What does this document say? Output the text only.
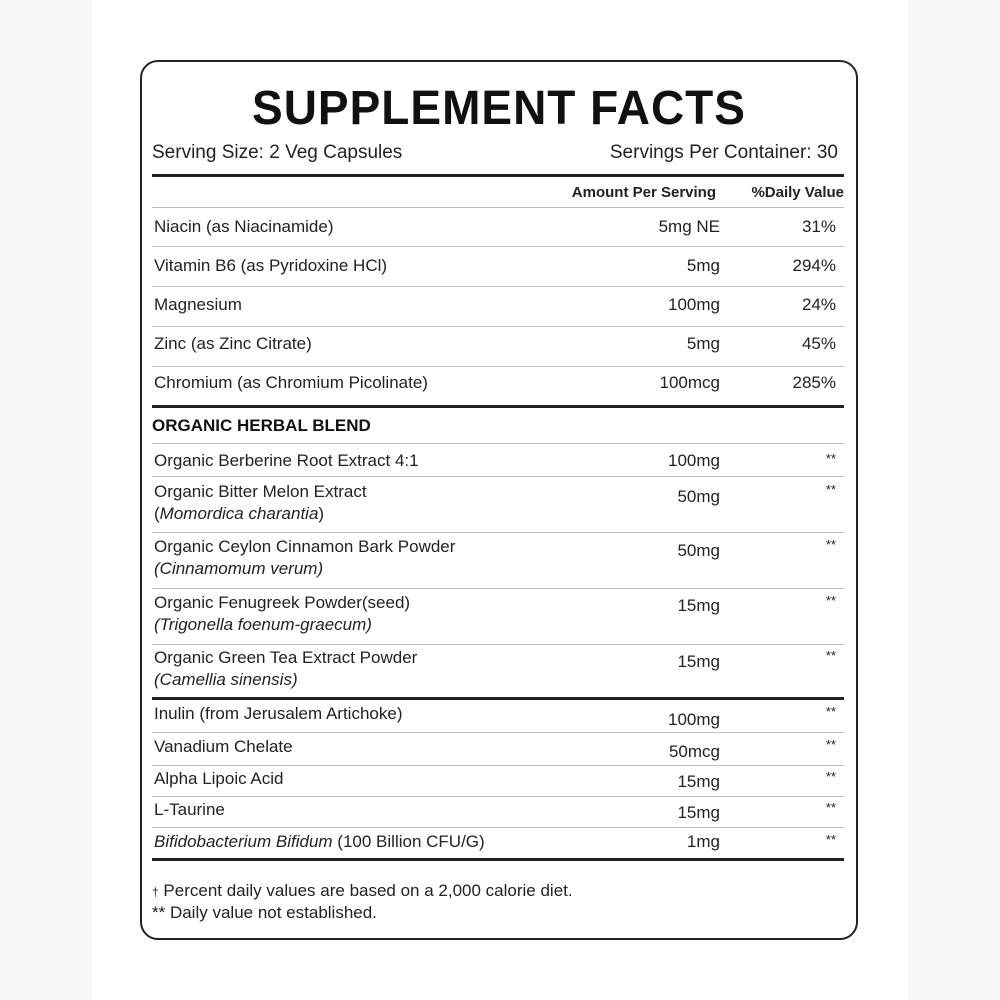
SUPPLEMENT FACTS
Serving Size: 2 Veg Capsules	Servings Per Container: 30
Amount Per Serving %Daily Value
Niacin (as Niacinamide)	5mg NE	31%
Vitamin B6 (as Pyridoxine HCl)	5mg	294%
Magnesium	100mg	24%
Zinc (as Zinc Citrate)	5mg	45%
Chromium (as Chromium Picolinate)	100mcg	285%
ORGANIC HERBAL BLEND
Organic Berberine Root Extract 4:1	100mg	**
Organic Bitter Melon Extract
(Momordica charantia)
50mg	**
Organic Ceylon Cinnamon Bark Powder
(Cinnamomum verum)
50mg	**
Organic Fenugreek Powder(seed)
(Trigonella foenum-graecum)
15mg	**
Organic Green Tea Extract Powder
(Camellia sinensis)
15mg	**
Inulin (from Jerusalem Artichoke)	100mg	**
Vanadium Chelate	50mcg	**
Alpha Lipoic Acid	15mg	**
L-Taurine	15mg	**
Bifidobacterium Bifidum (100 Billion CFU/G)	1mg	**
† Percent daily values are based on a 2,000 calorie diet.
** Daily value not established.
